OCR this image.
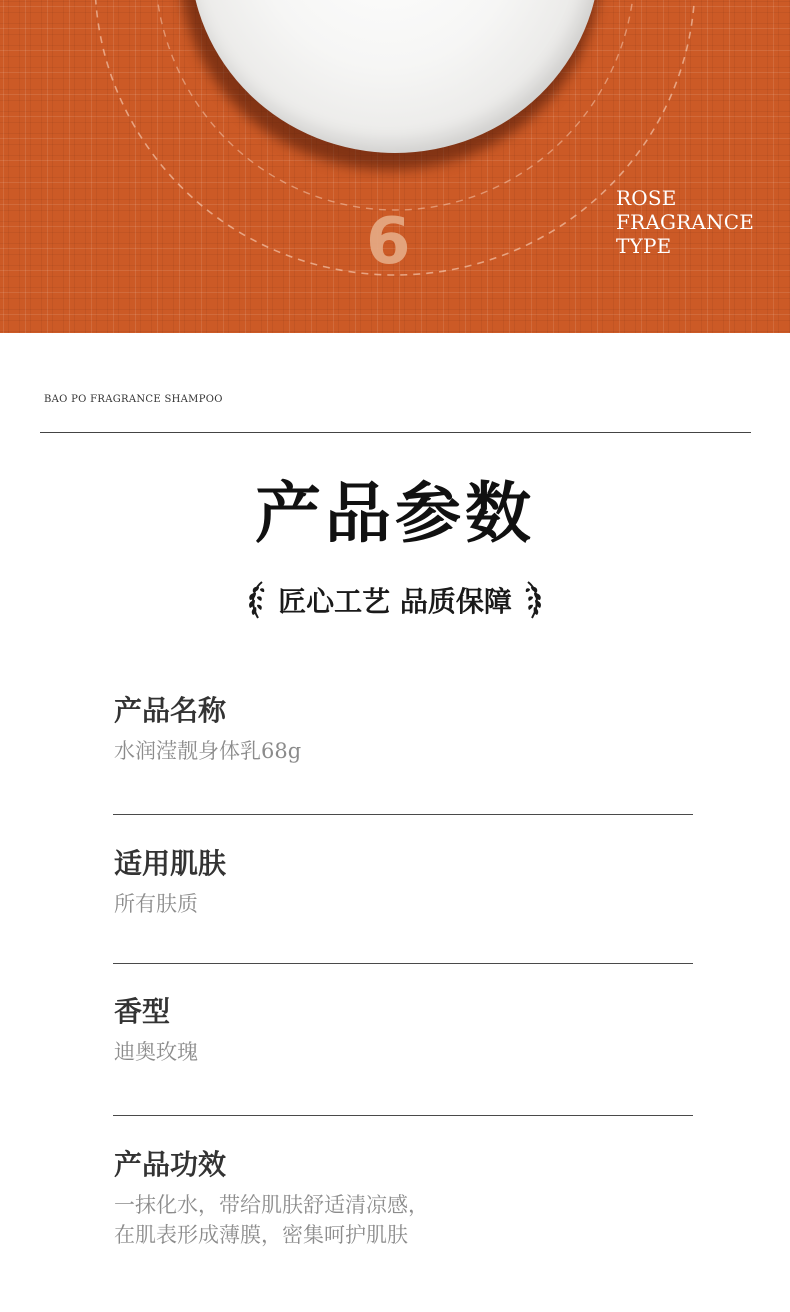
6
ROSE
FRAGRANCE
TYPE
BAO PO FRAGRANCE SHAMPOO
产品参数
匠心工艺 品质保障
产品名称
水润滢靓身体乳68g
适用肌肤
所有肤质
香型
迪奥玫瑰
产品功效
一抹化水，带给肌肤舒适清凉感，
在肌表形成薄膜，密集呵护肌肤
